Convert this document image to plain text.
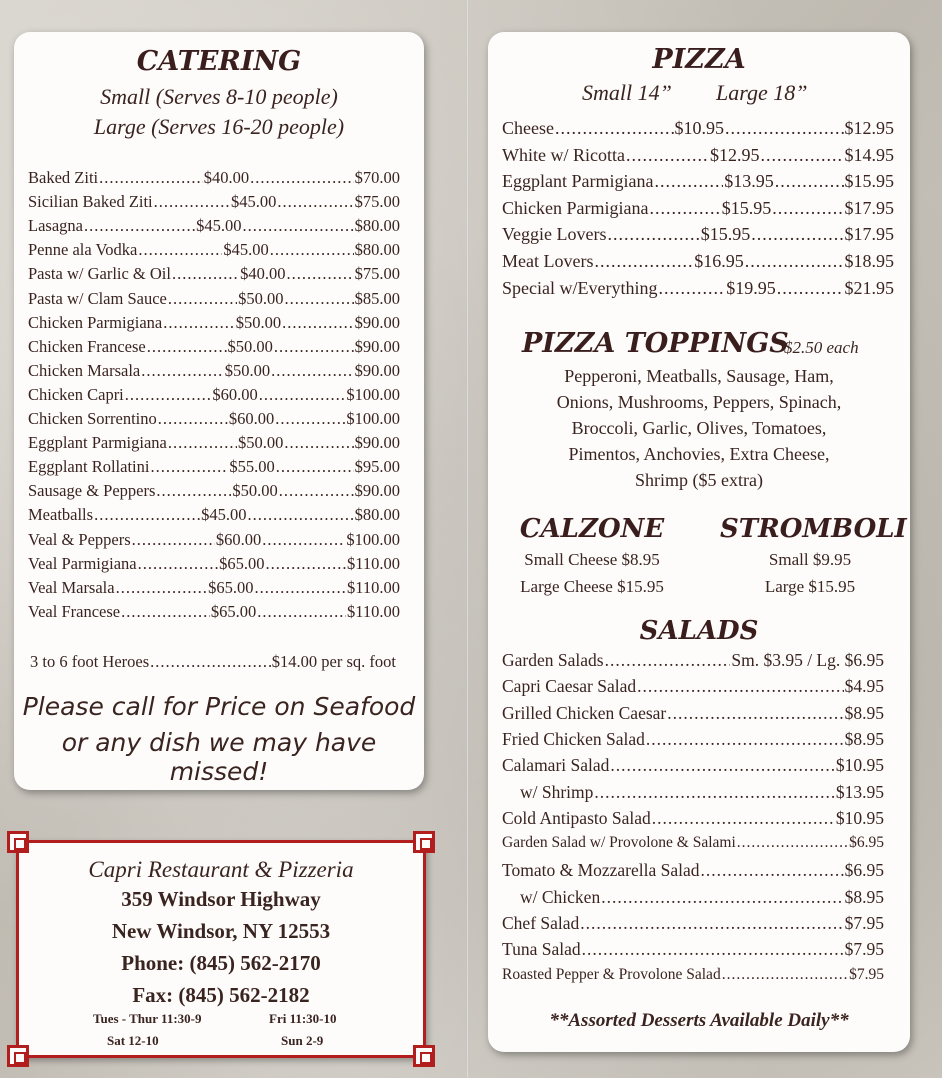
CATERING
Small (Serves 8-10 people)
Large (Serves 16-20 people)
Baked Ziti .....	$40.00 .....	$70.00
Sicilian Baked Ziti .....	$45.00 .....	$75.00
Lasagna .....	$45.00 .....	$80.00
Penne ala Vodka .....	$45.00 .....	$80.00
Pasta w/ Garlic & Oil .....	$40.00 .....	$75.00
Pasta w/ Clam Sauce .....	$50.00 .....	$85.00
Chicken Parmigiana .....	$50.00 .....	$90.00
Chicken Francese .....	$50.00 .....	$90.00
Chicken Marsala .....	$50.00 .....	$90.00
Chicken Capri .....	$60.00 .....	$100.00
Chicken Sorrentino .....	$60.00 .....	$100.00
Eggplant Parmigiana .....	$50.00 .....	$90.00
Eggplant Rollatini .....	$55.00 .....	$95.00
Sausage & Peppers .....	$50.00 .....	$90.00
Meatballs .....	$45.00 .....	$80.00
Veal & Peppers .....	$60.00 .....	$100.00
Veal Parmigiana .....	$65.00 .....	$110.00
Veal Marsala .....	$65.00 .....	$110.00
Veal Francese .....	$65.00 .....	$110.00
3 to 6 foot Heroes .....	$14.00 per sq. foot
Please call for Price on Seafood
or any dish we may have missed!
Capri Restaurant & Pizzeria
359 Windsor Highway
New Windsor, NY 12553
Phone: (845) 562-2170
Fax: (845) 562-2182
Tues - Thur 11:30-9	Fri 11:30-10
Sat 12-10	Sun 2-9
PIZZA
Small 14” Large 18”
Cheese .....	$10.95 .....	$12.95
White w/ Ricotta .....	$12.95 .....	$14.95
Eggplant Parmigiana .....	$13.95 .....	$15.95
Chicken Parmigiana .....	$15.95 .....	$17.95
Veggie Lovers .....	$15.95 .....	$17.95
Meat Lovers .....	$16.95 .....	$18.95
Special w/Everything .....	$19.95 .....	$21.95
PIZZA TOPPINGS
$2.50 each
Pepperoni, Meatballs, Sausage, Ham,
Onions, Mushrooms, Peppers, Spinach,
Broccoli, Garlic, Olives, Tomatoes,
Pimentos, Anchovies, Extra Cheese,
Shrimp ($5 extra)
CALZONE
Small Cheese $8.95
Large Cheese $15.95
STROMBOLI
Small $9.95
Large $15.95
SALADS
Garden Salads .....	Sm. $3.95 / Lg. $6.95
Capri Caesar Salad .....	$4.95
Grilled Chicken Caesar .....	$8.95
Fried Chicken Salad .....	$8.95
Calamari Salad .....	$10.95
w/ Shrimp .....	$13.95
Cold Antipasto Salad .....	$10.95
Garden Salad w/ Provolone & Salami .....	$6.95
Tomato & Mozzarella Salad .....	$6.95
w/ Chicken .....	$8.95
Chef Salad .....	$7.95
Tuna Salad .....	$7.95
Roasted Pepper & Provolone Salad .....	$7.95
**Assorted Desserts Available Daily**
